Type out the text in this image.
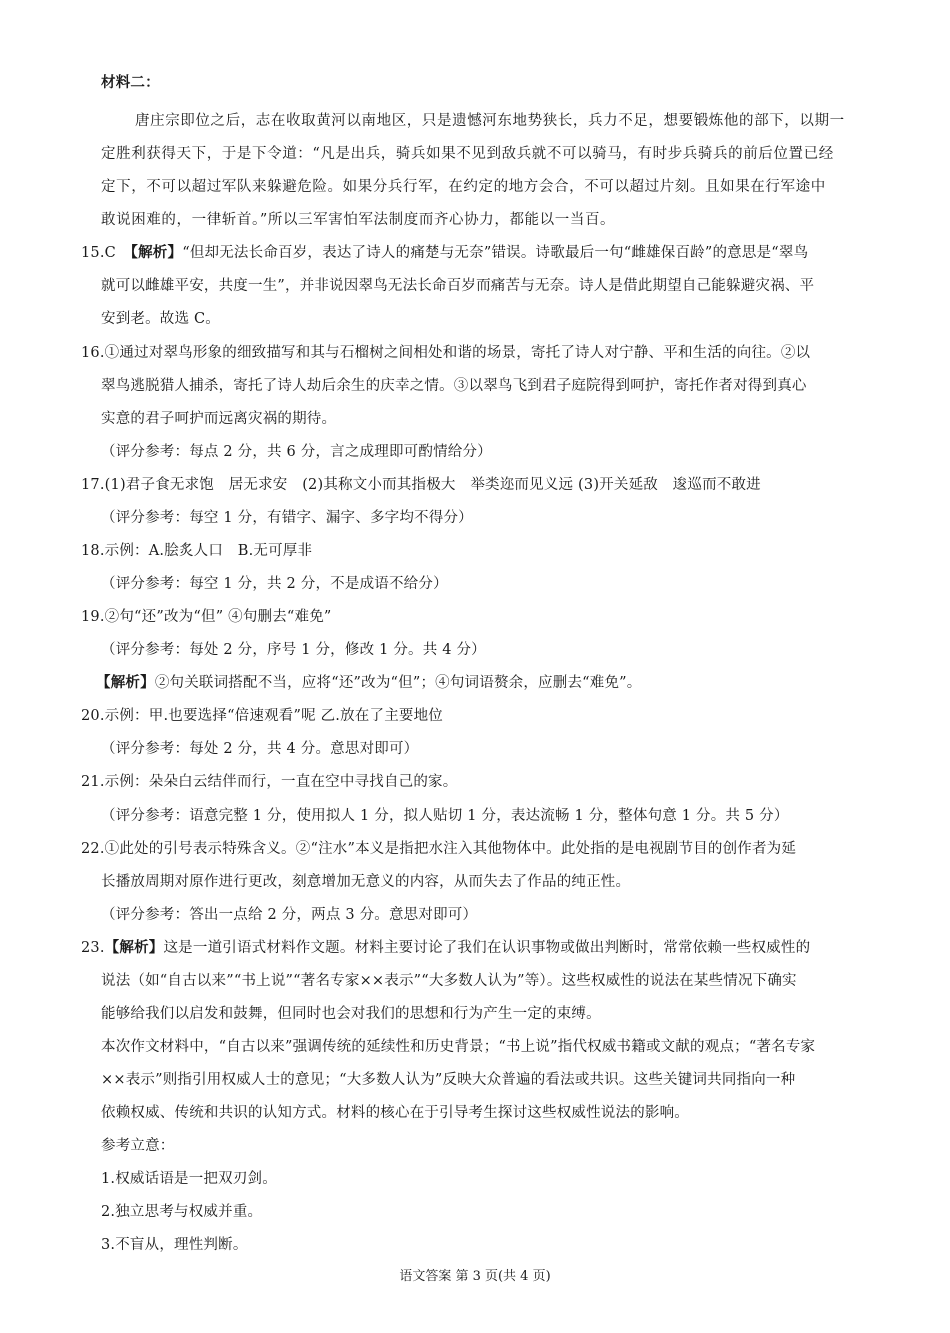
材料二：
唐庄宗即位之后，志在收取黄河以南地区，只是遗憾河东地势狭长，兵力不足，想要锻炼他的部下，以期一
定胜利获得天下，于是下令道：“凡是出兵，骑兵如果不见到敌兵就不可以骑马，有时步兵骑兵的前后位置已经
定下，不可以超过军队来躲避危险。如果分兵行军，在约定的地方会合，不可以超过片刻。且如果在行军途中
敢说困难的，一律斩首。”所以三军害怕军法制度而齐心协力，都能以一当百。
15.C　【解析】“但却无法长命百岁，表达了诗人的痛楚与无奈”错误。诗歌最后一句“雌雄保百龄”的意思是“翠鸟
就可以雌雄平安，共度一生”，并非说因翠鸟无法长命百岁而痛苦与无奈。诗人是借此期望自己能躲避灾祸、平
安到老。故选 C。
16.①通过对翠鸟形象的细致描写和其与石榴树之间相处和谐的场景，寄托了诗人对宁静、平和生活的向往。②以
翠鸟逃脱猎人捕杀，寄托了诗人劫后余生的庆幸之情。③以翠鸟飞到君子庭院得到呵护，寄托作者对得到真心
实意的君子呵护而远离灾祸的期待。
（评分参考：每点 2 分，共 6 分，言之成理即可酌情给分）
17.(1)君子食无求饱　居无求安　(2)其称文小而其指极大　举类迩而见义远 (3)开关延敌　逡巡而不敢进
（评分参考：每空 1 分，有错字、漏字、多字均不得分）
18.示例：A.脍炙人口　B.无可厚非
（评分参考：每空 1 分，共 2 分，不是成语不给分）
19.②句“还”改为“但” ④句删去“难免”
（评分参考：每处 2 分，序号 1 分，修改 1 分。共 4 分）
【解析】②句关联词搭配不当，应将“还”改为“但”；④句词语赘余，应删去“难免”。
20.示例：甲.也要选择“倍速观看”呢 乙.放在了主要地位
（评分参考：每处 2 分，共 4 分。意思对即可）
21.示例：朵朵白云结伴而行，一直在空中寻找自己的家。
（评分参考：语意完整 1 分，使用拟人 1 分，拟人贴切 1 分，表达流畅 1 分，整体句意 1 分。共 5 分）
22.①此处的引号表示特殊含义。②“注水”本义是指把水注入其他物体中。此处指的是电视剧节目的创作者为延
长播放周期对原作进行更改，刻意增加无意义的内容，从而失去了作品的纯正性。
（评分参考：答出一点给 2 分，两点 3 分。意思对即可）
23.【解析】这是一道引语式材料作文题。材料主要讨论了我们在认识事物或做出判断时，常常依赖一些权威性的
说法（如“自古以来”“书上说”“著名专家××表示”“大多数人认为”等）。这些权威性的说法在某些情况下确实
能够给我们以启发和鼓舞，但同时也会对我们的思想和行为产生一定的束缚。
本次作文材料中，“自古以来”强调传统的延续性和历史背景；“书上说”指代权威书籍或文献的观点；“著名专家
××表示”则指引用权威人士的意见；“大多数人认为”反映大众普遍的看法或共识。这些关键词共同指向一种
依赖权威、传统和共识的认知方式。材料的核心在于引导考生探讨这些权威性说法的影响。
参考立意：
1.权威话语是一把双刃剑。
2.独立思考与权威并重。
3.不盲从，理性判断。
语文答案 第 3 页(共 4 页)
